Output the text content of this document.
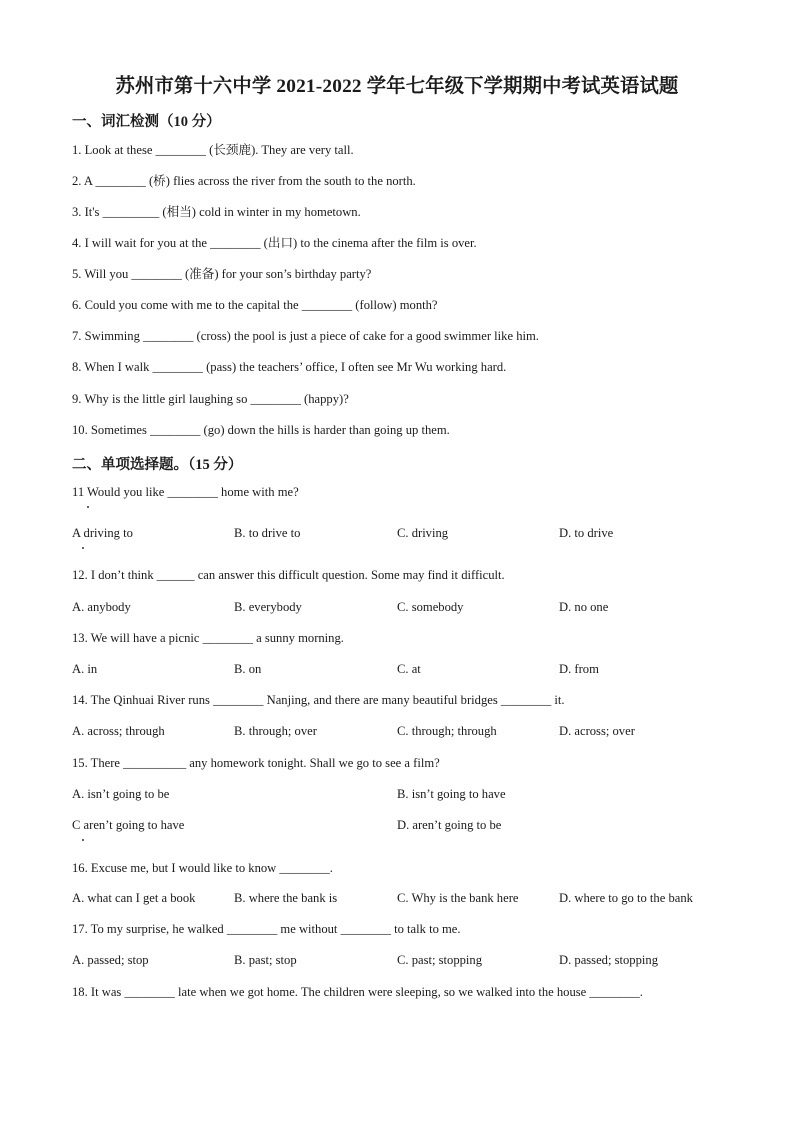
苏州市第十六中学 2021-2022 学年七年级下学期期中考试英语试题
一、词汇检测（10 分）
1. Look at these ________ (长颈鹿). They are very tall.
2. A ________ (桥) flies across the river from the south to the north.
3. It's _________ (相当) cold in winter in my hometown.
4. I will wait for you at the ________ (出口) to the cinema after the film is over.
5. Will you ________ (准备) for your son’s birthday party?
6. Could you come with me to the capital the ________ (follow) month?
7. Swimming ________ (cross) the pool is just a piece of cake for a good swimmer like him.
8. When I walk ________ (pass) the teachers’ office, I often see Mr Wu working hard.
9. Why is the little girl laughing so ________ (happy)?
10. Sometimes ________ (go) down the hills is harder than going up them.
二、单项选择题。（15 分）
11 Would you like ________ home with me?
A driving to	B. to drive to	C. driving	D. to drive
12. I don’t think ______ can answer this difficult question. Some may find it difficult.
A. anybody	B. everybody	C. somebody	D. no one
13. We will have a picnic ________ a sunny morning.
A. in	B. on	C. at	D. from
14. The Qinhuai River runs ________ Nanjing, and there are many beautiful bridges ________ it.
A. across; through	B. through; over	C. through; through	D. across; over
15. There __________ any homework tonight. Shall we go to see a film?
A. isn’t going to be	B. isn’t going to have
C aren’t going to have	D. aren’t going to be
16. Excuse me, but I would like to know ________.
A. what can I get a book	B. where the bank is	C. Why is the bank here	D. where to go to the bank
17. To my surprise, he walked ________ me without ________ to talk to me.
A. passed; stop	B. past; stop	C. past; stopping	D. passed; stopping
18. It was ________ late when we got home. The children were sleeping, so we walked into the house ________.
